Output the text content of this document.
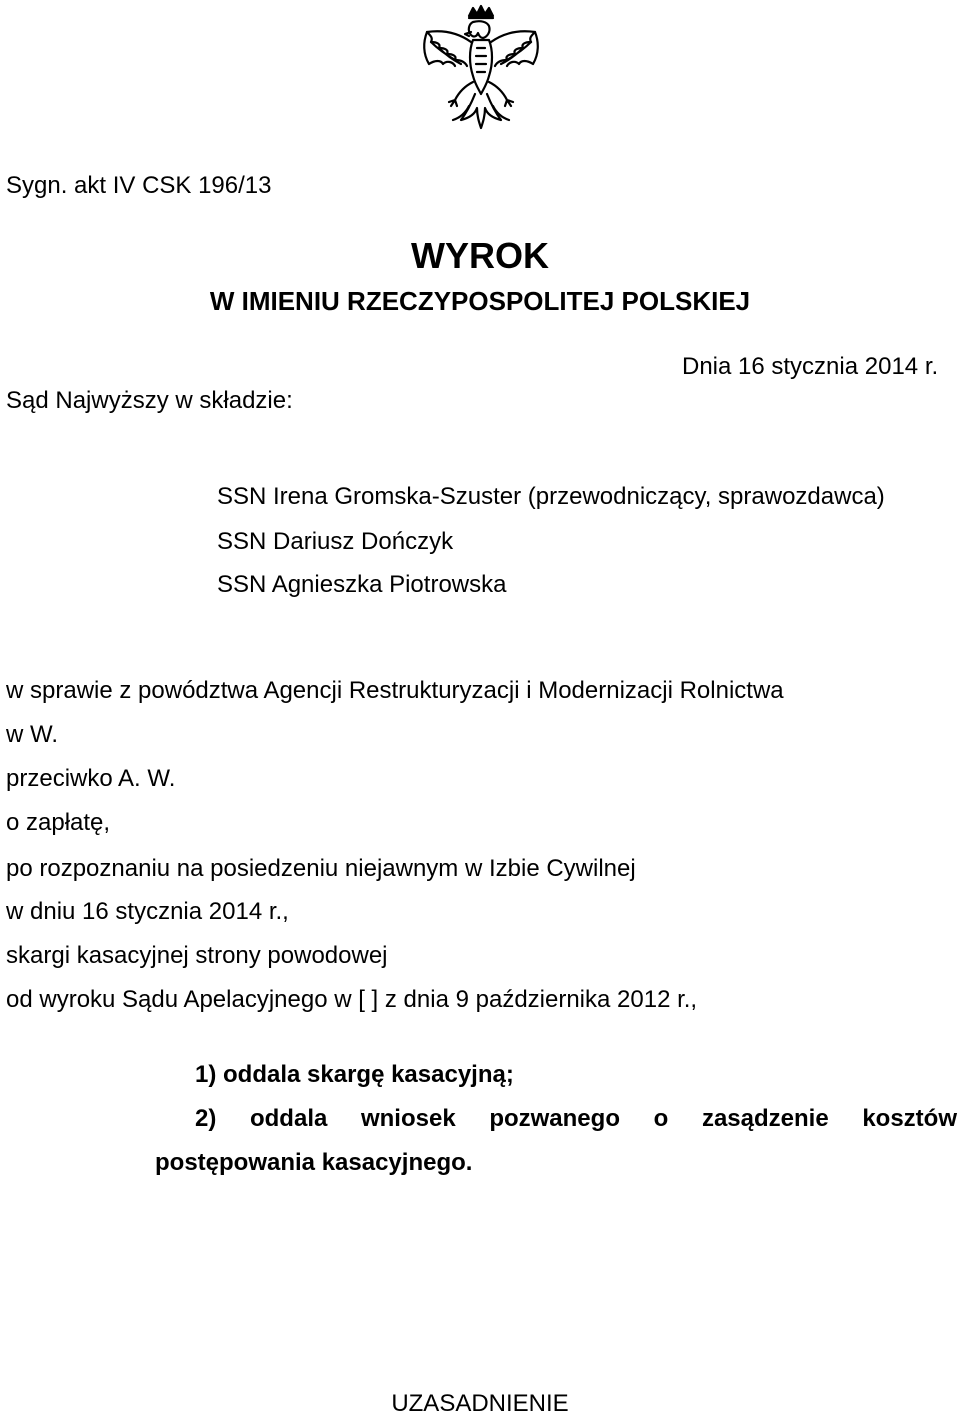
Sygn. akt IV CSK 196/13

WYROK

W IMIENIU RZECZYPOSPOLITEJ POLSKIEJ

Dnia 16 stycznia 2014 r.

Sąd Najwyższy w składzie:

SSN Irena Gromska-Szuster (przewodniczący, sprawozdawca)

SSN Dariusz Dończyk

SSN Agnieszka Piotrowska

w sprawie z powództwa Agencji Restrukturyzacji i Modernizacji Rolnictwa

w W.

przeciwko A. W.

o zapłatę,

po rozpoznaniu na posiedzeniu niejawnym w Izbie Cywilnej

w dniu 16 stycznia 2014 r.,

skargi kasacyjnej strony powodowej

od wyroku Sądu Apelacyjnego w [ ] z dnia 9 października 2012 r.,

1) oddala skargę kasacyjną;

2) oddala wniosek pozwanego o zasądzenie kosztów

postępowania kasacyjnego.

UZASADNIENIE
